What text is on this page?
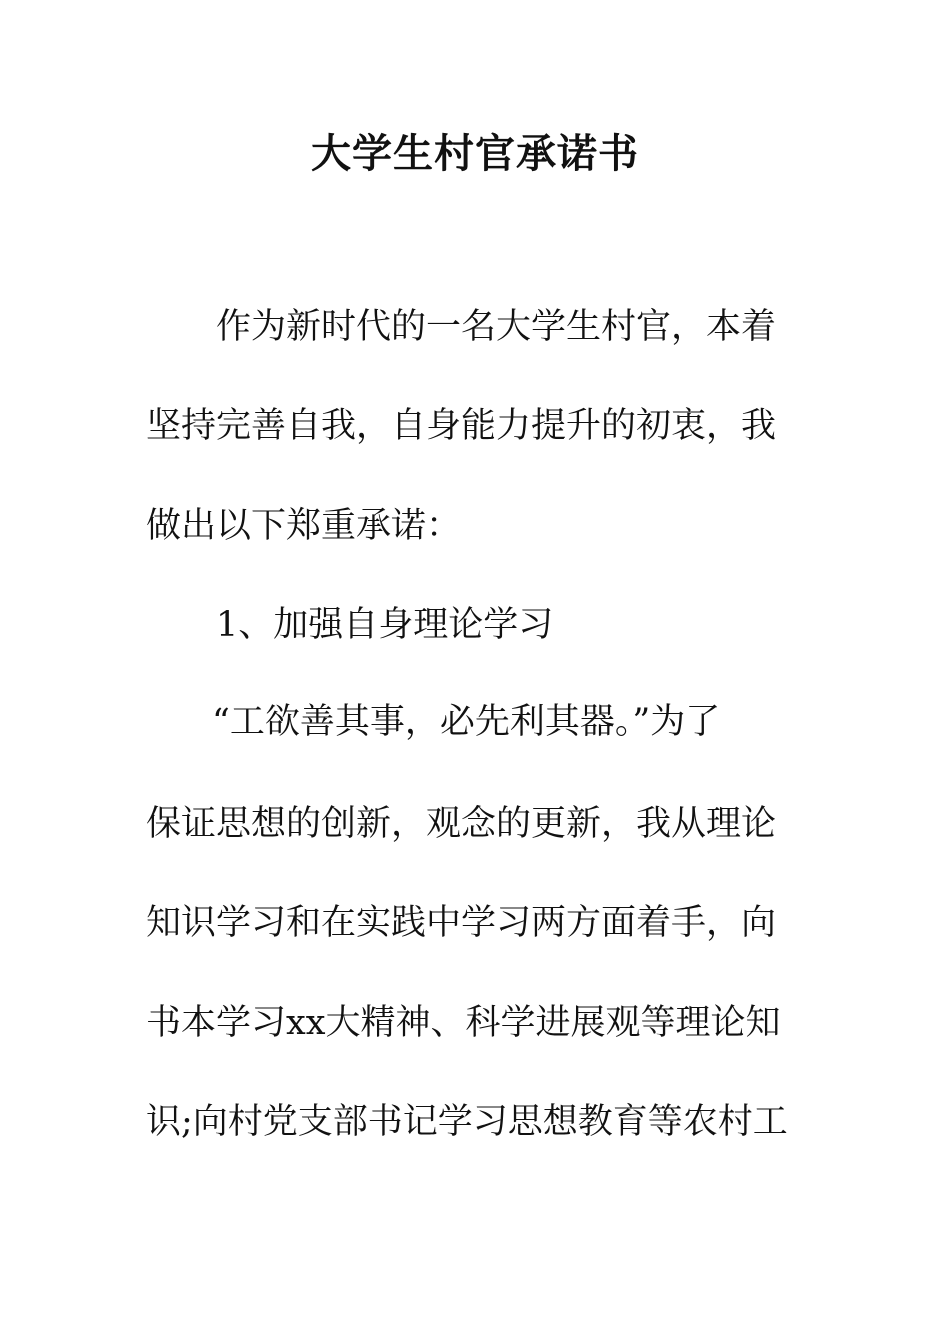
大学生村官承诺书
作为新时代的一名大学生村官，本着
坚持完善自我，自身能力提升的初衷，我
做出以下郑重承诺：
1、加强自身理论学习
“工欲善其事，必先利其器。”为了
保证思想的创新，观念的更新，我从理论
知识学习和在实践中学习两方面着手，向
书本学习xx大精神、科学进展观等理论知
识;向村党支部书记学习思想教育等农村工
